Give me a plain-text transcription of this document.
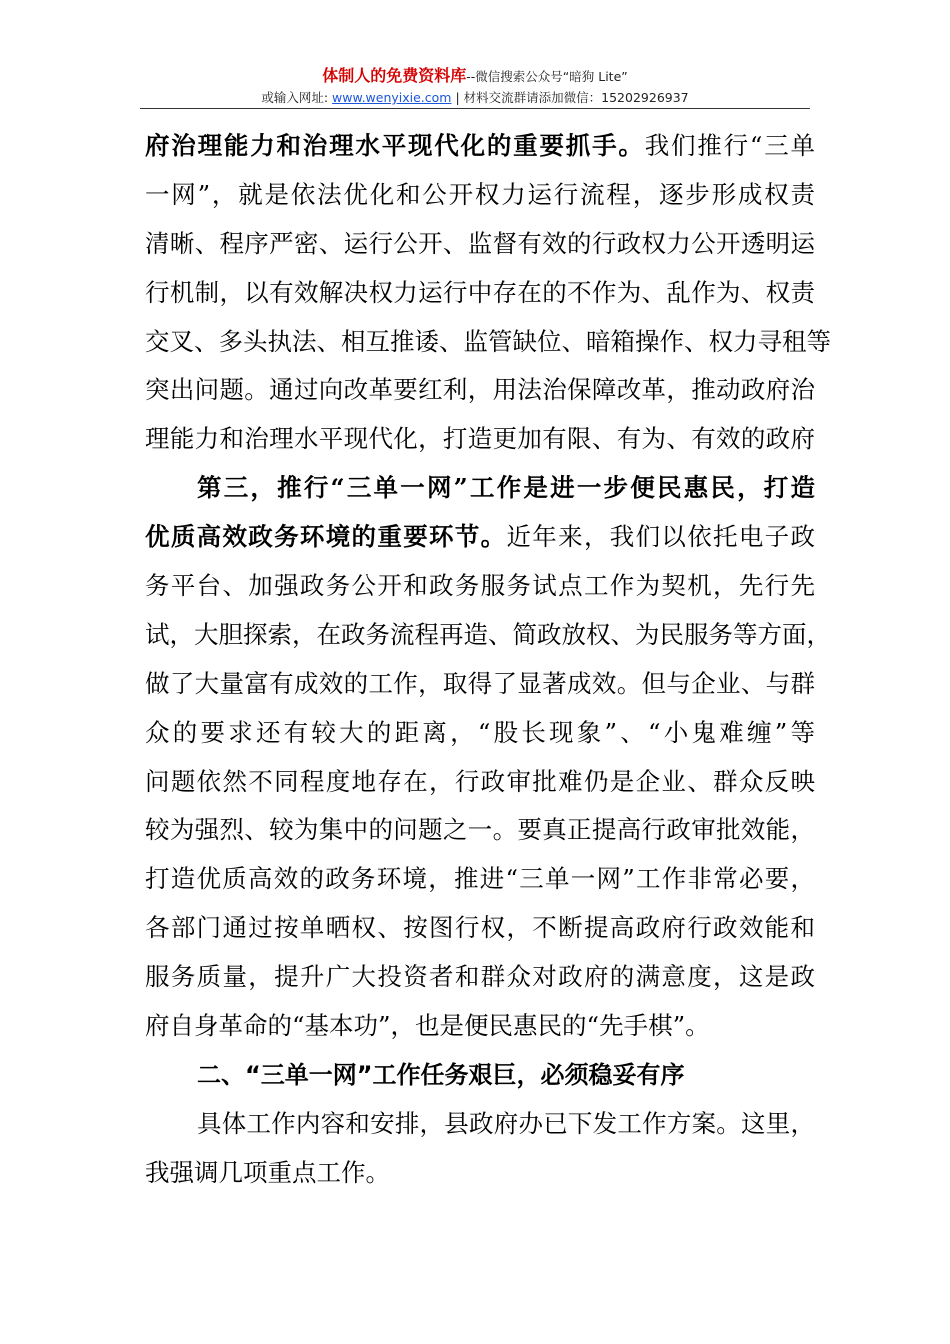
体制人的免费资料库--微信搜索公众号“暗狗 Lite”
或输入网址: www.wenyixie.com | 材料交流群请添加微信：15202926937
府治理能力和治理水平现代化的重要抓手。我们推行“三单
一网”，就是依法优化和公开权力运行流程，逐步形成权责
清晰、程序严密、运行公开、监督有效的行政权力公开透明运
行机制，以有效解决权力运行中存在的不作为、乱作为、权责
交叉、多头执法、相互推诿、监管缺位、暗箱操作、权力寻租等
突出问题。通过向改革要红利，用法治保障改革，推动政府治
理能力和治理水平现代化，打造更加有限、有为、有效的政府
第三，推行“三单一网”工作是进一步便民惠民，打造
优质高效政务环境的重要环节。近年来，我们以依托电子政
务平台、加强政务公开和政务服务试点工作为契机，先行先
试，大胆探索，在政务流程再造、简政放权、为民服务等方面，
做了大量富有成效的工作，取得了显著成效。但与企业、与群
众的要求还有较大的距离，“股长现象”、“小鬼难缠”等
问题依然不同程度地存在，行政审批难仍是企业、群众反映
较为强烈、较为集中的问题之一。要真正提高行政审批效能，
打造优质高效的政务环境，推进“三单一网”工作非常必要，
各部门通过按单晒权、按图行权，不断提高政府行政效能和
服务质量，提升广大投资者和群众对政府的满意度，这是政
府自身革命的“基本功”，也是便民惠民的“先手棋”。
二、“三单一网”工作任务艰巨，必须稳妥有序
具体工作内容和安排，县政府办已下发工作方案。这里，
我强调几项重点工作。
